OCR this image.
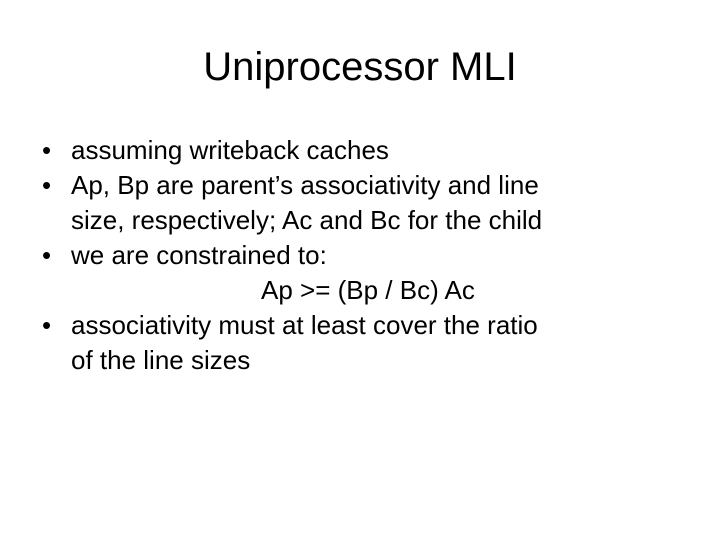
Uniprocessor MLI
• assuming writeback caches
• Ap, Bp are parent’s associativity and line
size, respectively; Ac and Bc for the child
• we are constrained to:
Ap >= (Bp / Bc) Ac
• associativity must at least cover the ratio
of the line sizes
